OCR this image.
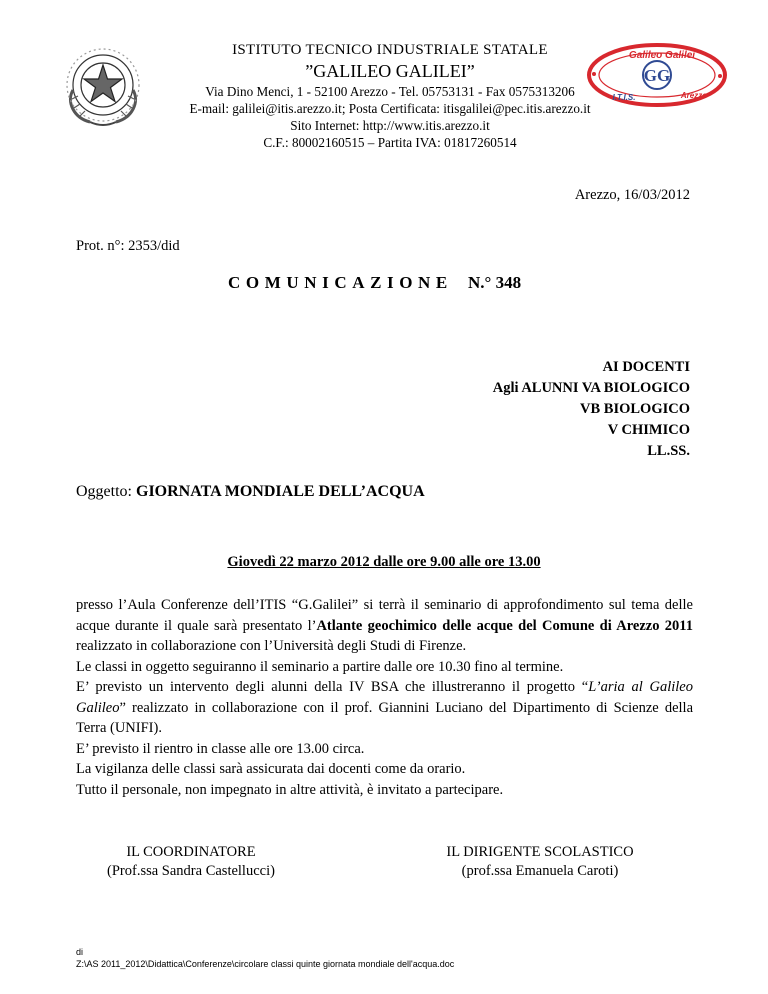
GG
Galileo Galilei
I.T.I.S.	Arezzo
ISTITUTO TECNICO INDUSTRIALE STATALE
”GALILEO GALILEI”
Via Dino Menci, 1 - 52100 Arezzo - Tel. 05753131 - Fax 0575313206
E-mail: galilei@itis.arezzo.it; Posta Certificata: itisgalilei@pec.itis.arezzo.it
Sito Internet: http://www.itis.arezzo.it
C.F.: 80002160515 – Partita IVA: 01817260514
Arezzo, 16/03/2012
Prot. n°: 2353/did
COMUNICAZIONE N.° 348
AI DOCENTI
Agli ALUNNI VA BIOLOGICO
VB BIOLOGICO
V CHIMICO
LL.SS.
Oggetto: GIORNATA MONDIALE DELL’ACQUA
Giovedì 22 marzo 2012 dalle ore 9.00 alle ore 13.00

presso l’Aula Conferenze dell’ITIS “G.Galilei” si terrà il seminario di approfondimento sul tema delle acque durante il quale sarà presentato l’Atlante geochimico delle acque del Comune di Arezzo 2011 realizzato in collaborazione con l’Università degli Studi di Firenze.

Le classi in oggetto seguiranno il seminario a partire dalle ore 10.30 fino al termine.

E’ previsto un intervento degli alunni della IV BSA che illustreranno il progetto “L’aria al Galileo Galileo” realizzato in collaborazione con il prof. Giannini Luciano del Dipartimento di Scienze della Terra (UNIFI).

E’ previsto il rientro in classe alle ore 13.00 circa.

La vigilanza delle classi sarà assicurata dai docenti come da orario.

Tutto il personale, non impegnato in altre attività, è invitato a partecipare.

IL COORDINATORE
(Prof.ssa Sandra Castellucci)
IL DIRIGENTE SCOLASTICO
(prof.ssa Emanuela Caroti)
di
Z:\AS 2011_2012\Didattica\Conferenze\circolare classi quinte giornata mondiale dell'acqua.doc
